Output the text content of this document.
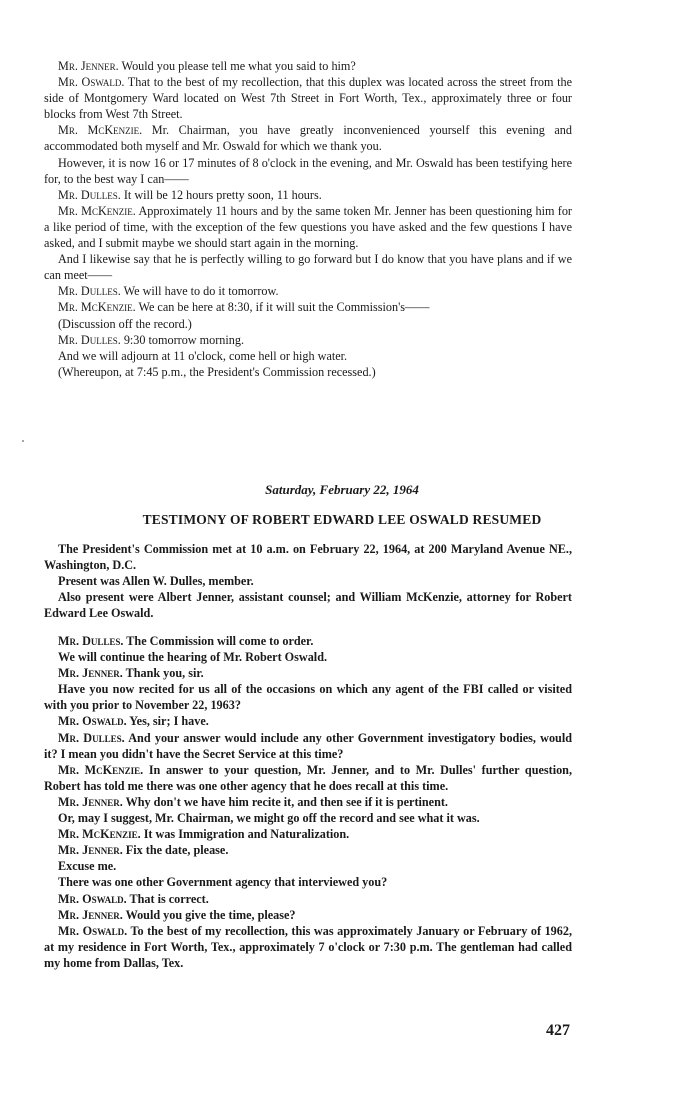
Mr. Jenner. Would you please tell me what you said to him?

Mr. Oswald. That to the best of my recollection, that this duplex was located across the street from the side of Montgomery Ward located on West 7th Street in Fort Worth, Tex., approximately three or four blocks from West 7th Street.

Mr. McKenzie. Mr. Chairman, you have greatly inconvenienced yourself this evening and accommodated both myself and Mr. Oswald for which we thank you.

However, it is now 16 or 17 minutes of 8 o'clock in the evening, and Mr. Oswald has been testifying here for, to the best way I can——

Mr. Dulles. It will be 12 hours pretty soon, 11 hours.

Mr. McKenzie. Approximately 11 hours and by the same token Mr. Jenner has been questioning him for a like period of time, with the exception of the few questions you have asked and the few questions I have asked, and I submit maybe we should start again in the morning.

And I likewise say that he is perfectly willing to go forward but I do know that you have plans and if we can meet——

Mr. Dulles. We will have to do it tomorrow.

Mr. McKenzie. We can be here at 8:30, if it will suit the Commission's——

(Discussion off the record.)

Mr. Dulles. 9:30 tomorrow morning.

And we will adjourn at 11 o'clock, come hell or high water.

(Whereupon, at 7:45 p.m., the President's Commission recessed.)

Saturday, February 22, 1964
TESTIMONY OF ROBERT EDWARD LEE OSWALD RESUMED

The President's Commission met at 10 a.m. on February 22, 1964, at 200 Maryland Avenue NE., Washington, D.C.

Present was Allen W. Dulles, member.

Also present were Albert Jenner, assistant counsel; and William McKenzie, attorney for Robert Edward Lee Oswald.

Mr. Dulles. The Commission will come to order.

We will continue the hearing of Mr. Robert Oswald.

Mr. Jenner. Thank you, sir.

Have you now recited for us all of the occasions on which any agent of the FBI called or visited with you prior to November 22, 1963?

Mr. Oswald. Yes, sir; I have.

Mr. Dulles. And your answer would include any other Government investigatory bodies, would it? I mean you didn't have the Secret Service at this time?

Mr. McKenzie. In answer to your question, Mr. Jenner, and to Mr. Dulles' further question, Robert has told me there was one other agency that he does recall at this time.

Mr. Jenner. Why don't we have him recite it, and then see if it is pertinent.

Or, may I suggest, Mr. Chairman, we might go off the record and see what it was.

Mr. McKenzie. It was Immigration and Naturalization.

Mr. Jenner. Fix the date, please.

Excuse me.

There was one other Government agency that interviewed you?

Mr. Oswald. That is correct.

Mr. Jenner. Would you give the time, please?

Mr. Oswald. To the best of my recollection, this was approximately January or February of 1962, at my residence in Fort Worth, Tex., approximately 7 o'clock or 7:30 p.m. The gentleman had called my home from Dallas, Tex.

427
